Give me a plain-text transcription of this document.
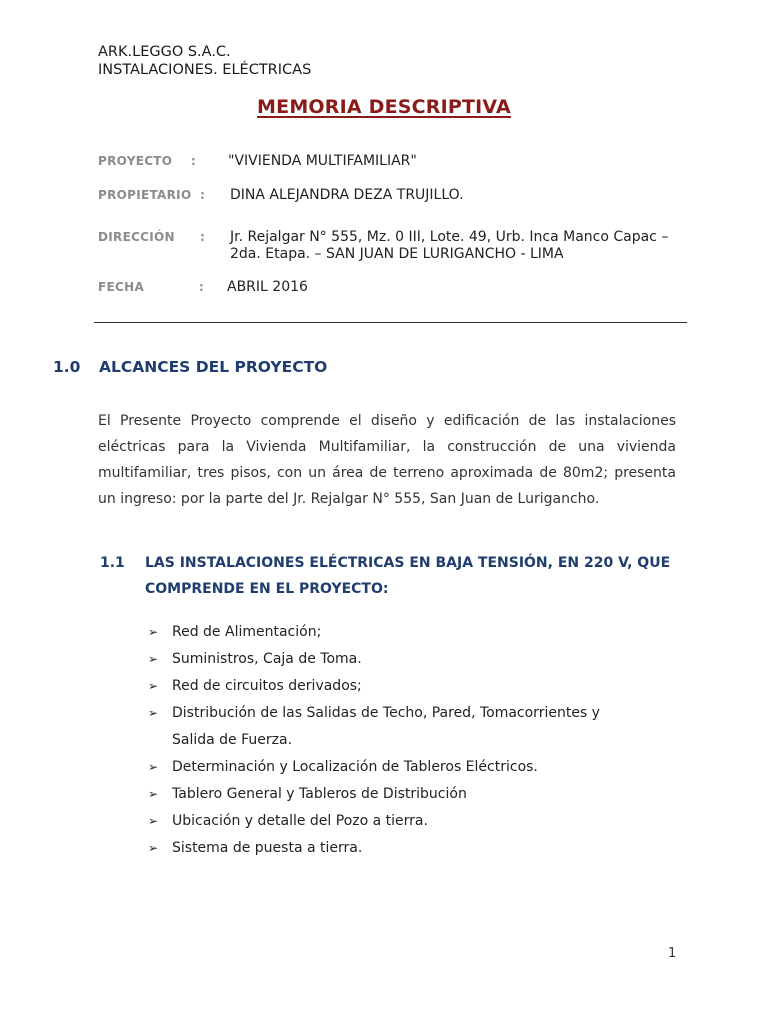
ARK.LEGGO S.A.C.
INSTALACIONES. ELÉCTRICAS
MEMORIA DESCRIPTIVA
PROYECTO : "VIVIENDA MULTIFAMILIAR"
PROPIETARIO : DINA ALEJANDRA DEZA TRUJILLO.
DIRECCIÓN : Jr. Rejalgar N° 555, Mz. 0 III, Lote. 49, Urb. Inca Manco Capac –
2da. Etapa. – SAN JUAN DE LURIGANCHO - LIMA
FECHA	: ABRIL 2016
1.0 ALCANCES DEL PROYECTO
El Presente Proyecto comprende el diseño y edificación de las instalaciones eléctricas para la Vivienda Multifamiliar, la construcción de una vivienda multifamiliar, tres pisos, con un área de terreno aproximada de 80m2; presenta un ingreso: por la parte del Jr. Rejalgar N° 555, San Juan de Lurigancho.
1.1 LAS INSTALACIONES ELÉCTRICAS EN BAJA TENSIÓN, EN 220 V, QUE COMPRENDE EN EL PROYECTO:
➢ Red de Alimentación;
➢ Suministros, Caja de Toma.
➢ Red de circuitos derivados;
➢ Distribución de las Salidas de Techo, Pared, Tomacorrientes y Salida de Fuerza.
➢ Determinación y Localización de Tableros Eléctricos.
➢ Tablero General y Tableros de Distribución
➢ Ubicación y detalle del Pozo a tierra.
➢ Sistema de puesta a tierra.
1
